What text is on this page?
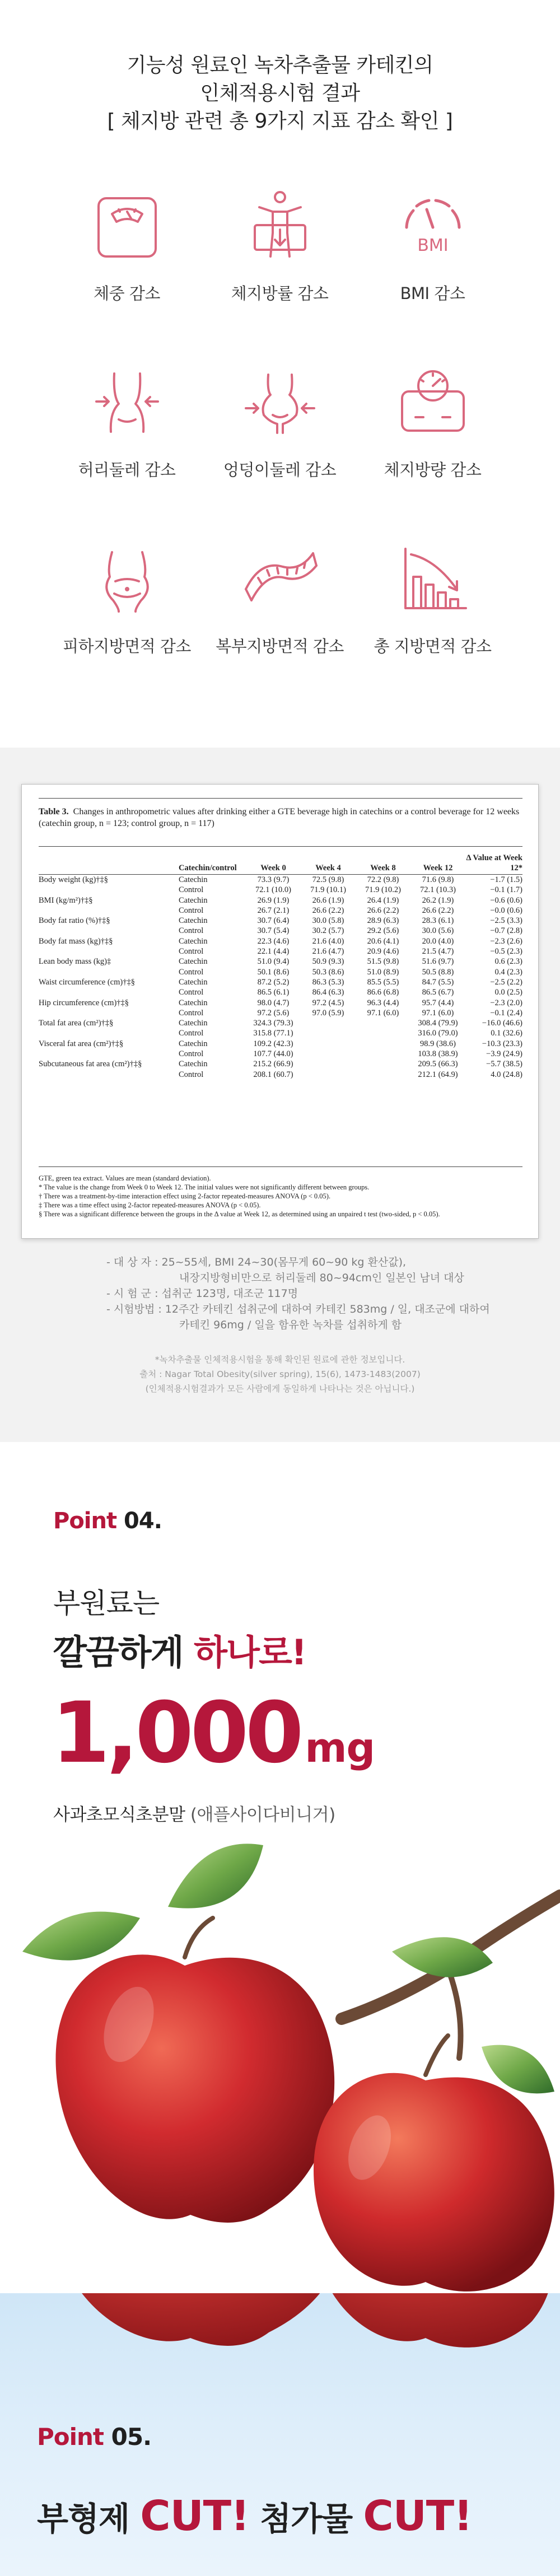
기능성 원료인 녹차추출물 카테킨의
인체적용시험 결과
[ 체지방 관련 총 9가지 지표 감소 확인 ]
체중 감소	체지방률 감소
BMI
BMI 감소
허리둘레 감소	엉덩이둘레 감소	체지방량 감소
피하지방면적 감소	복부지방면적 감소	총 지방면적 감소
Table 3. Changes in anthropometric values after drinking either a GTE beverage high in catechins or a control beverage for 12 weeks (catechin group, n = 123; control group, n = 117)
	Catechin/control	Week 0	Week 4	Week 8	Week 12	Δ Value at Week 12*
Body weight (kg)†‡§	Catechin	73.3 (9.7)	72.5 (9.8)	72.2 (9.8)	71.6 (9.8)	−1.7 (1.5)
	Control	72.1 (10.0)	71.9 (10.1)	71.9 (10.2)	72.1 (10.3)	−0.1 (1.7)
BMI (kg/m²)†‡§	Catechin	26.9 (1.9)	26.6 (1.9)	26.4 (1.9)	26.2 (1.9)	−0.6 (0.6)
	Control	26.7 (2.1)	26.6 (2.2)	26.6 (2.2)	26.6 (2.2)	−0.0 (0.6)
Body fat ratio (%)†‡§	Catechin	30.7 (6.4)	30.0 (5.8)	28.9 (6.3)	28.3 (6.1)	−2.5 (3.3)
	Control	30.7 (5.4)	30.2 (5.7)	29.2 (5.6)	30.0 (5.6)	−0.7 (2.8)
Body fat mass (kg)†‡§	Catechin	22.3 (4.6)	21.6 (4.0)	20.6 (4.1)	20.0 (4.0)	−2.3 (2.6)
	Control	22.1 (4.4)	21.6 (4.7)	20.9 (4.6)	21.5 (4.7)	−0.5 (2.3)
Lean body mass (kg)‡	Catechin	51.0 (9.4)	50.9 (9.3)	51.5 (9.8)	51.6 (9.7)	0.6 (2.3)
	Control	50.1 (8.6)	50.3 (8.6)	51.0 (8.9)	50.5 (8.8)	0.4 (2.3)
Waist circumference (cm)†‡§	Catechin	87.2 (5.2)	86.3 (5.3)	85.5 (5.5)	84.7 (5.5)	−2.5 (2.2)
	Control	86.5 (6.1)	86.4 (6.3)	86.6 (6.8)	86.5 (6.7)	0.0 (2.5)
Hip circumference (cm)†‡§	Catechin	98.0 (4.7)	97.2 (4.5)	96.3 (4.4)	95.7 (4.4)	−2.3 (2.0)
	Control	97.2 (5.6)	97.0 (5.9)	97.1 (6.0)	97.1 (6.0)	−0.1 (2.4)
Total fat area (cm²)†‡§	Catechin	324.3 (79.3)			308.4 (79.9)	−16.0 (46.6)
	Control	315.8 (77.1)			316.0 (79.0)	0.1 (32.6)
Visceral fat area (cm²)†‡§	Catechin	109.2 (42.3)			98.9 (38.6)	−10.3 (23.3)
	Control	107.7 (44.0)			103.8 (38.9)	−3.9 (24.9)
Subcutaneous fat area (cm²)†‡§	Catechin	215.2 (66.9)			209.5 (66.3)	−5.7 (38.5)
	Control	208.1 (60.7)			212.1 (64.9)	4.0 (24.8)
GTE, green tea extract. Values are mean (standard deviation).
* The value is the change from Week 0 to Week 12. The initial values were not significantly different between groups.
† There was a treatment-by-time interaction effect using 2-factor repeated-measures ANOVA (p < 0.05).
‡ There was a time effect using 2-factor repeated-measures ANOVA (p < 0.05).
§ There was a significant difference between the groups in the Δ value at Week 12, as determined using an unpaired t test (two-sided, p < 0.05).
- 대 상 자 : 25~55세, BMI 24~30(몸무게 60~90 kg 환산값),
내장지방형비만으로 허리둘레 80~94cm인 일본인 남녀 대상
- 시 험 군 : 섭취군 123명, 대조군 117명
- 시험방법 : 12주간 카테킨 섭취군에 대하여 카테킨 583mg / 일, 대조군에 대하여
카테킨 96mg / 일을 함유한 녹차를 섭취하게 함
*녹차추출물 인체적용시험을 통해 확인된 원료에 관한 정보입니다.
출처 : Nagar Total Obesity(silver spring), 15(6), 1473-1483(2007)
(인체적용시험결과가 모든 사람에게 동일하게 나타나는 것은 아닙니다.)
Point 04.
부원료는
깔끔하게 하나로!
1,000 mg
사과초모식초분말 (애플사이다비니거)
Point 05.
부형제 CUT! 첨가물 CUT!
